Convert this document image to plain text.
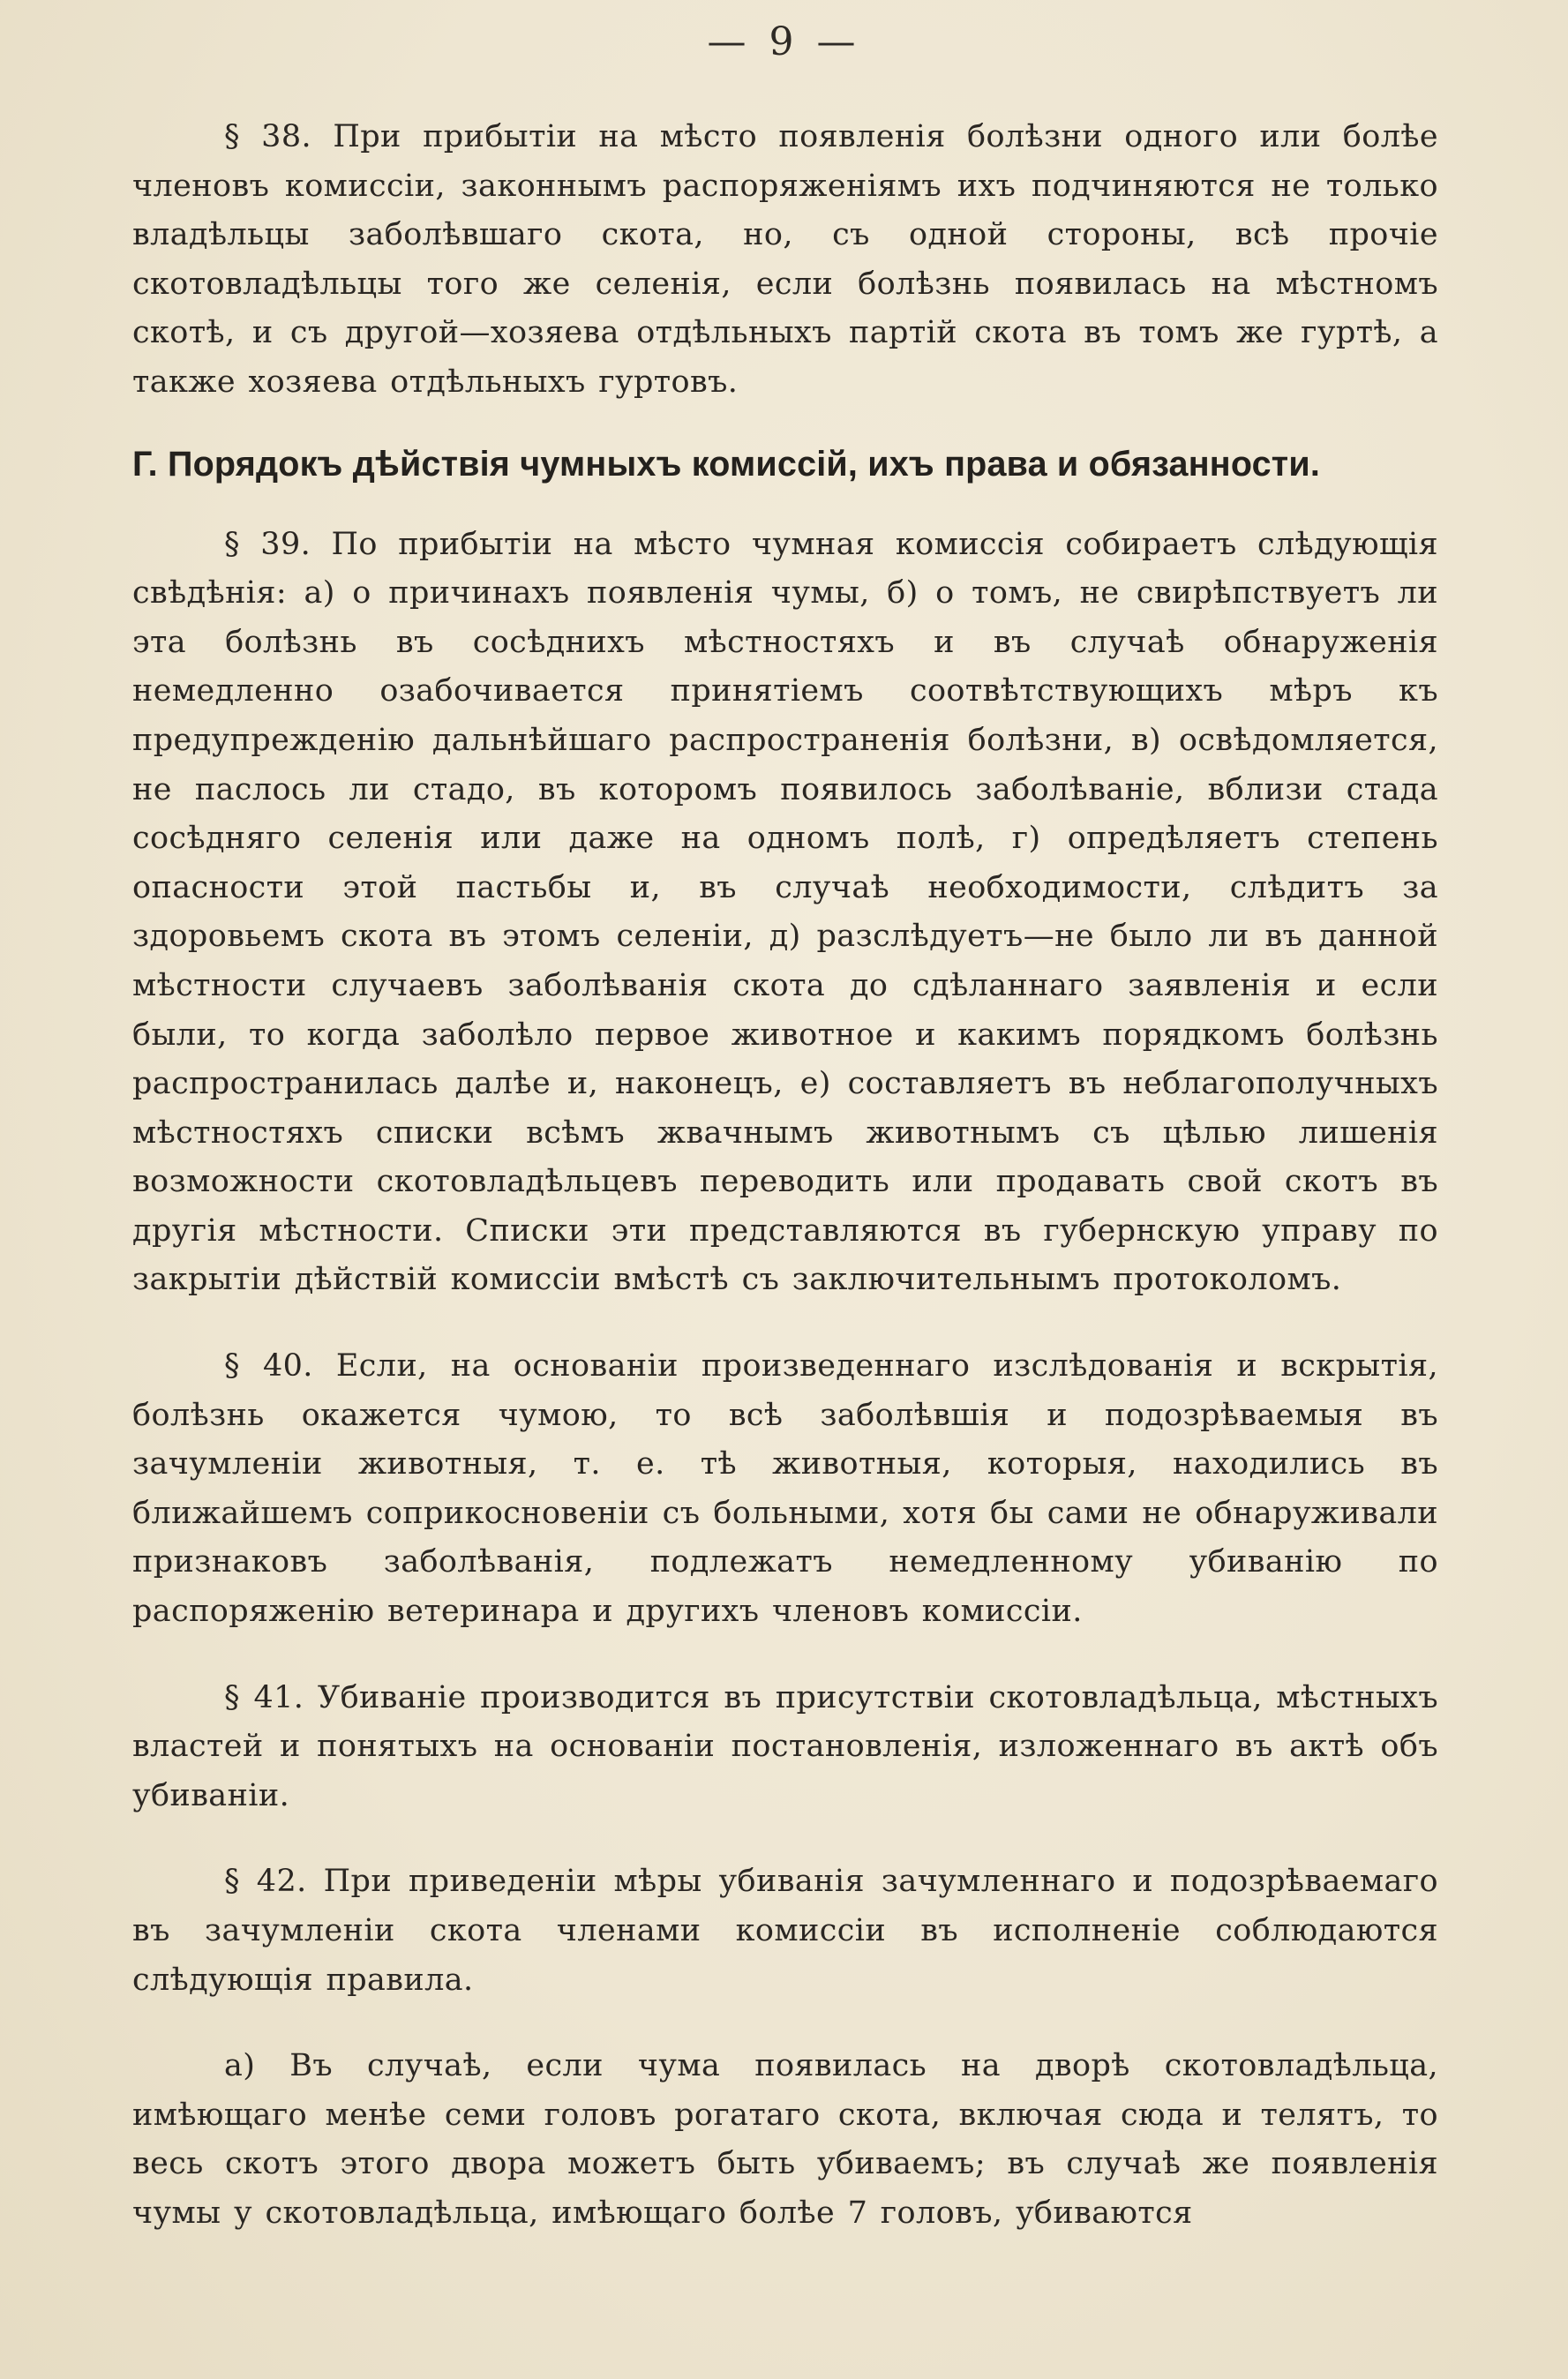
— 9 —

§ 38. При прибытіи на мѣсто появленія болѣзни одного или болѣе членовъ комиссіи, законнымъ распоряженіямъ ихъ подчиняются не только владѣльцы заболѣвшаго скота, но, съ одной стороны, всѣ прочіе скотовладѣльцы того же селенія, если болѣзнь появилась на мѣстномъ скотѣ, и съ другой—хозяева отдѣльныхъ партій скота въ томъ же гуртѣ, а также хозяева отдѣльныхъ гуртовъ.

Г. Порядокъ дѣйствія чумныхъ комиссій, ихъ права и обязанности.

§ 39. По прибытіи на мѣсто чумная комиссія собираетъ слѣдующія свѣдѣнія: а) о причинахъ появленія чумы, б) о томъ, не свирѣпствуетъ ли эта болѣзнь въ сосѣднихъ мѣстностяхъ и въ случаѣ обнаруженія немедленно озабочивается принятіемъ соотвѣтствующихъ мѣръ къ предупрежденію дальнѣйшаго распространенія болѣзни, в) освѣдомляется, не паслось ли стадо, въ которомъ появилось заболѣваніе, вблизи стада сосѣдняго селенія или даже на одномъ полѣ, г) опредѣляетъ степень опасности этой пастьбы и, въ случаѣ необходимости, слѣдитъ за здоровьемъ скота въ этомъ селеніи, д) разслѣдуетъ—не было ли въ данной мѣстности случаевъ заболѣванія скота до сдѣланнаго заявленія и если были, то когда заболѣло первое животное и какимъ порядкомъ болѣзнь распространилась далѣе и, наконецъ, е) составляетъ въ неблагополучныхъ мѣстностяхъ списки всѣмъ жвачнымъ животнымъ съ цѣлью лишенія возможности скотовладѣльцевъ переводить или продавать свой скотъ въ другія мѣстности. Списки эти представляются въ губернскую управу по закрытіи дѣйствій комиссіи вмѣстѣ съ заключительнымъ протоколомъ.

§ 40. Если, на основаніи произведеннаго изслѣдованія и вскрытія, болѣзнь окажется чумою, то всѣ заболѣвшія и подозрѣваемыя въ зачумленіи животныя, т. е. тѣ животныя, которыя, находились въ ближайшемъ соприкосновеніи съ больными, хотя бы сами не обнаруживали признаковъ заболѣванія, подлежатъ немедленному убиванію по распоряженію ветеринара и другихъ членовъ комиссіи.

§ 41. Убиваніе производится въ присутствіи скотовладѣльца, мѣстныхъ властей и понятыхъ на основаніи постановленія, изложеннаго въ актѣ объ убиваніи.

§ 42. При приведеніи мѣры убиванія зачумленнаго и подозрѣваемаго въ зачумленіи скота членами комиссіи въ исполненіе соблюдаются слѣдующія правила.

а) Въ случаѣ, если чума появилась на дворѣ скотовладѣльца, имѣющаго менѣе семи головъ рогатаго скота, включая сюда и телятъ, то весь скотъ этого двора можетъ быть убиваемъ; въ случаѣ же появленія чумы у скотовладѣльца, имѣющаго болѣе 7 головъ, убиваются
